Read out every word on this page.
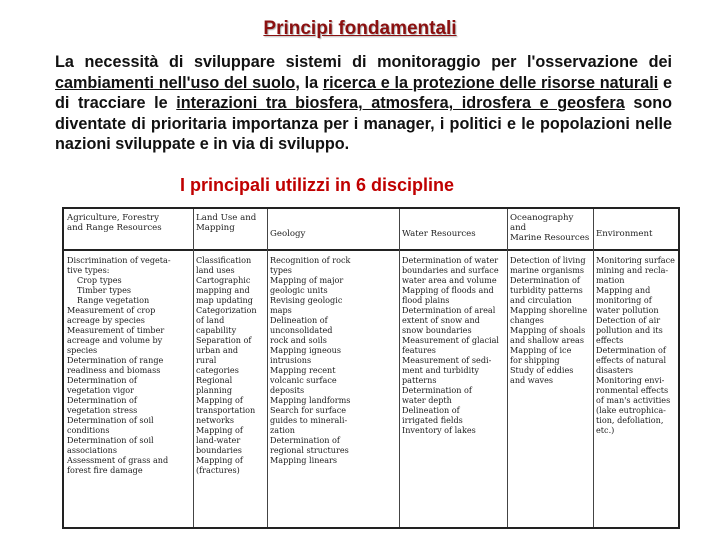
Principi fondamentali
La necessità di sviluppare sistemi di monitoraggio per l'osservazione dei cambiamenti nell'uso del suolo, la ricerca e la protezione delle risorse naturali e di tracciare le interazioni tra biosfera, atmosfera, idrosfera e geosfera sono diventate di prioritaria importanza per i manager, i politici e le popolazioni nelle nazioni sviluppate e in via di sviluppo.
I principali utilizzi in 6 discipline
Agriculture, Forestry
and Range Resources
Land Use and
Mapping
Geology	Water Resources
Oceanography and
Marine Resources Environment
Discrimination of vegeta-
tive types:
Crop types
Timber types
Range vegetation
Measurement of crop
acreage by species
Measurement of timber
acreage and volume by
species
Determination of range
readiness and biomass
Determination of
vegetation vigor
Determination of
vegetation stress
Determination of soil
conditions
Determination of soil
associations
Assessment of grass and
forest fire damage
Classification
land uses
Cartographic
mapping and
map updating
Categorization
of land
capability
Separation of
urban and
rural
categories
Regional
planning
Mapping of
transportation
networks
Mapping of
land-water
boundaries
Mapping of
(fractures)
Recognition of rock
types
Mapping of major
geologic units
Revising geologic
maps
Delineation of
unconsolidated
rock and soils
Mapping igneous
intrusions
Mapping recent
volcanic surface
deposits
Mapping landforms
Search for surface
guides to minerali-
zation
Determination of
regional structures
Mapping linears
Determination of water
boundaries and surface
water area and volume
Mapping of floods and
flood plains
Determination of areal
extent of snow and
snow boundaries
Measurement of glacial
features
Measurement of sedi-
ment and turbidity
patterns
Determination of
water depth
Delineation of
irrigated fields
Inventory of lakes
Detection of living
marine organisms
Determination of
turbidity patterns
and circulation
Mapping shoreline
changes
Mapping of shoals
and shallow areas
Mapping of ice
for shipping
Study of eddies
and waves
Monitoring surface
mining and recla-
mation
Mapping and
monitoring of
water pollution
Detection of air
pollution and its
effects
Determination of
effects of natural
disasters
Monitoring envi-
ronmental effects
of man's activities
(lake eutrophica-
tion, defoliation,
etc.)
